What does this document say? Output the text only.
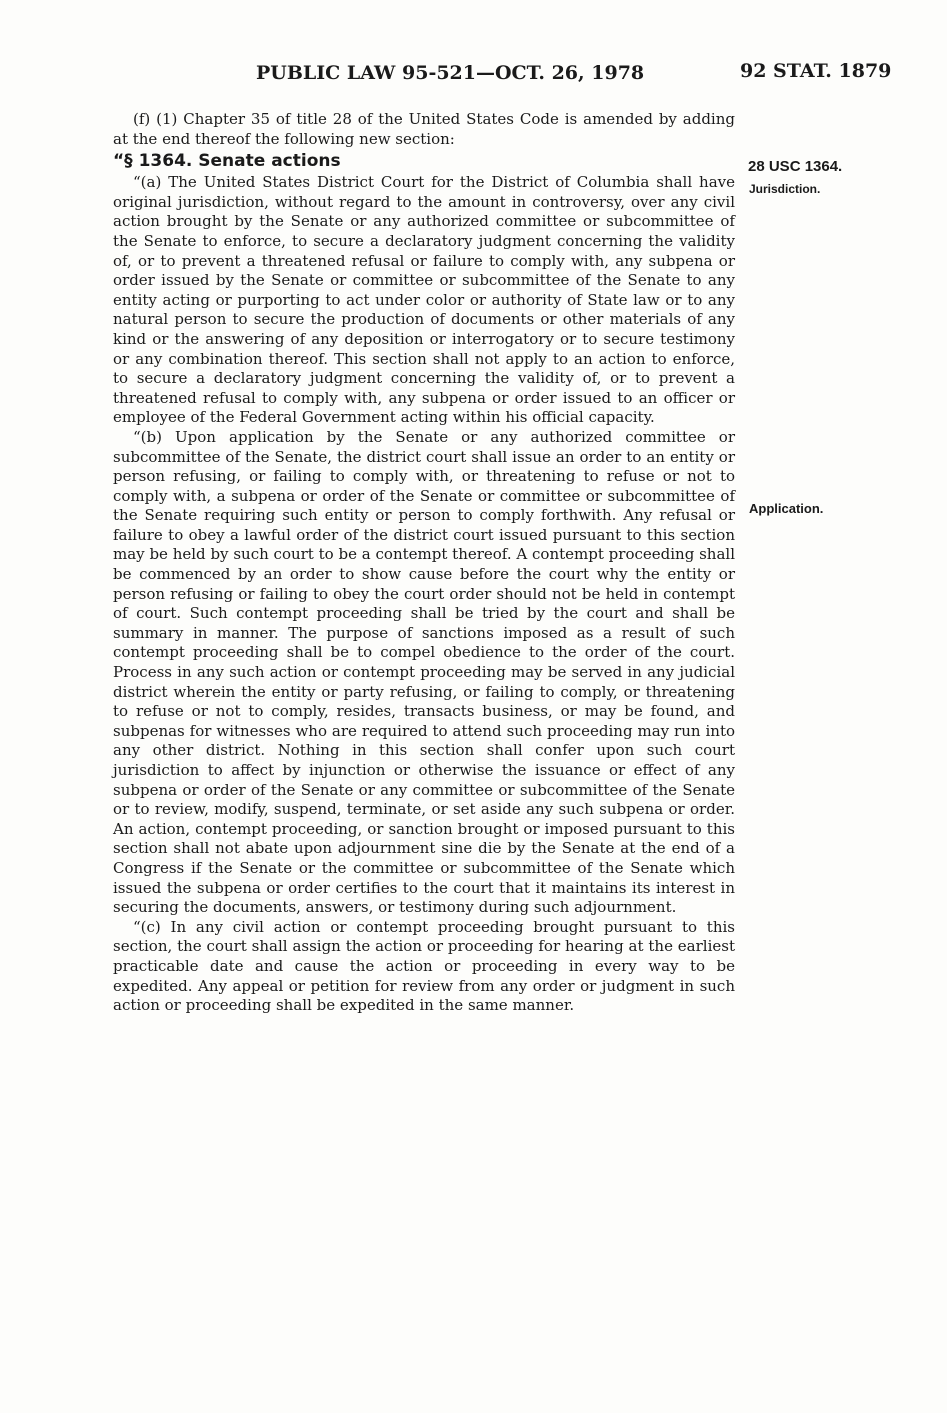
PUBLIC LAW 95-521—OCT. 26, 1978	92 STAT. 1879
28 USC 1364.
Jurisdiction.
Application.

(f) (1) Chapter 35 of title 28 of the United States Code is amended by adding at the end thereof the following new section:

“§ 1364. Senate actions

“(a) The United States District Court for the District of Columbia shall have original jurisdiction, without regard to the amount in controversy, over any civil action brought by the Senate or any authorized committee or subcommittee of the Senate to enforce, to secure a declaratory judgment concerning the validity of, or to prevent a threatened refusal or failure to comply with, any subpena or order issued by the Senate or committee or subcommittee of the Senate to any entity acting or purporting to act under color or authority of State law or to any natural person to secure the production of documents or other materials of any kind or the answering of any deposition or interrogatory or to secure testimony or any combination thereof. This section shall not apply to an action to enforce, to secure a declaratory judgment concerning the validity of, or to prevent a threatened refusal to comply with, any subpena or order issued to an officer or employee of the Federal Government acting within his official capacity.

“(b) Upon application by the Senate or any authorized committee or subcommittee of the Senate, the district court shall issue an order to an entity or person refusing, or failing to comply with, or threatening to refuse or not to comply with, a subpena or order of the Senate or committee or subcommittee of the Senate requiring such entity or person to comply forthwith. Any refusal or failure to obey a lawful order of the district court issued pursuant to this section may be held by such court to be a contempt thereof. A contempt proceeding shall be commenced by an order to show cause before the court why the entity or person refusing or failing to obey the court order should not be held in contempt of court. Such contempt proceeding shall be tried by the court and shall be summary in manner. The purpose of sanctions imposed as a result of such contempt proceeding shall be to compel obedience to the order of the court. Process in any such action or contempt proceeding may be served in any judicial district wherein the entity or party refusing, or failing to comply, or threatening to refuse or not to comply, resides, transacts business, or may be found, and subpenas for witnesses who are required to attend such proceeding may run into any other district. Nothing in this section shall confer upon such court jurisdiction to affect by injunction or otherwise the issuance or effect of any subpena or order of the Senate or any committee or subcommittee of the Senate or to review, modify, suspend, terminate, or set aside any such subpena or order. An action, contempt proceeding, or sanction brought or imposed pursuant to this section shall not abate upon adjournment sine die by the Senate at the end of a Congress if the Senate or the committee or subcommittee of the Senate which issued the subpena or order certifies to the court that it maintains its interest in securing the documents, answers, or testimony during such adjournment.

“(c) In any civil action or contempt proceeding brought pursuant to this section, the court shall assign the action or proceeding for hearing at the earliest practicable date and cause the action or proceeding in every way to be expedited. Any appeal or petition for review from any order or judgment in such action or proceeding shall be expedited in the same manner.
